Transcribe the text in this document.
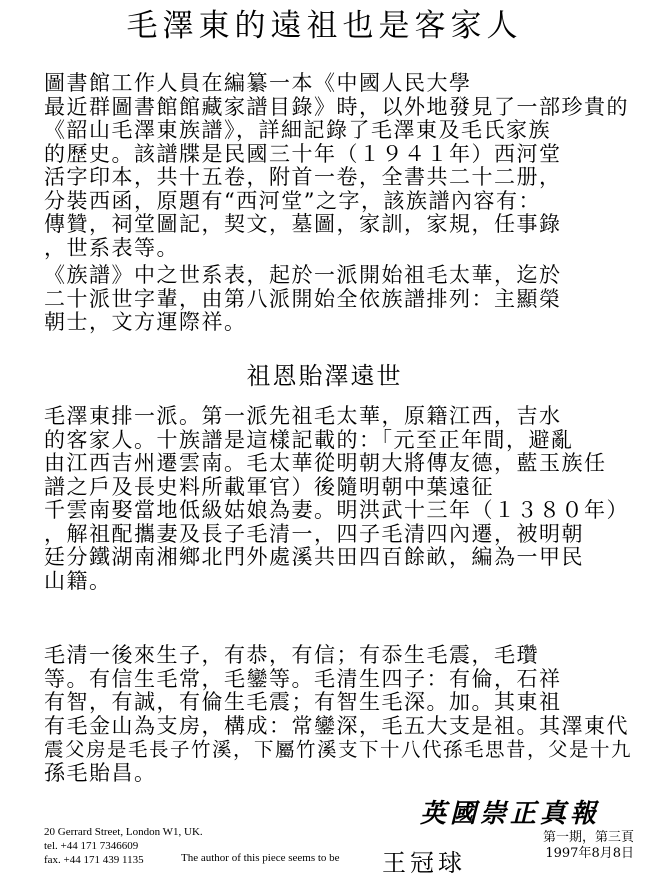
毛澤東的遠祖也是客家人
圖書館工作人員在編纂一本《中國人民大學
最近群圖書館館藏家譜目錄》時，以外地發見了一部珍貴的
《韶山毛澤東族譜》，詳細記錄了毛澤東及毛氏家族
的歷史。該譜牒是民國三十年（１９４１年）西河堂
活字印本，共十五卷，附首一卷，全書共二十二册，
分裝西函，原題有“西河堂”之字，該族譜內容有：
傳贊，祠堂圖記，契文，墓圖，家訓，家規，任事錄
，世系表等。
《族譜》中之世系表，起於一派開始祖毛太華，迄於
二十派世字輩，由第八派開始全依族譜排列：主顯榮
朝士，文方運際祥。
祖恩貽澤遠世
毛澤東排一派。第一派先祖毛太華，原籍江西，吉水
的客家人。十族譜是這樣記載的：「元至正年間，避亂
由江西吉州遷雲南。毛太華從明朝大將傳友德，藍玉族任
譜之戶及長史料所載軍官）後隨明朝中葉遠征
千雲南娶當地低級姑娘為妻。明洪武十三年（１３８０年）
，解祖配攜妻及長子毛清一，四子毛清四內遷，被明朝
廷分鐵湖南湘鄉北門外處溪共田四百餘畝，編為一甲民
山籍。
毛清一後來生子，有恭，有信；有忝生毛震，毛瓚
等。有信生毛常，毛鑾等。毛清生四子：有倫，石祥
有智，有誠，有倫生毛震；有智生毛深。加。其東祖
有毛金山為支房，構成：常鑾深，毛五大支是祖。其澤東代
震父房是毛長子竹溪，下屬竹溪支下十八代孫毛思昔，父是十九
孫毛貽昌。
英國崇正真報
20 Gerrard Street, London W1, UK.
tel. +44 171 7346609
fax. +44 171 439 1135	The author of this piece seems to be 王冠球
第一期，第三頁
1997年8月8日
